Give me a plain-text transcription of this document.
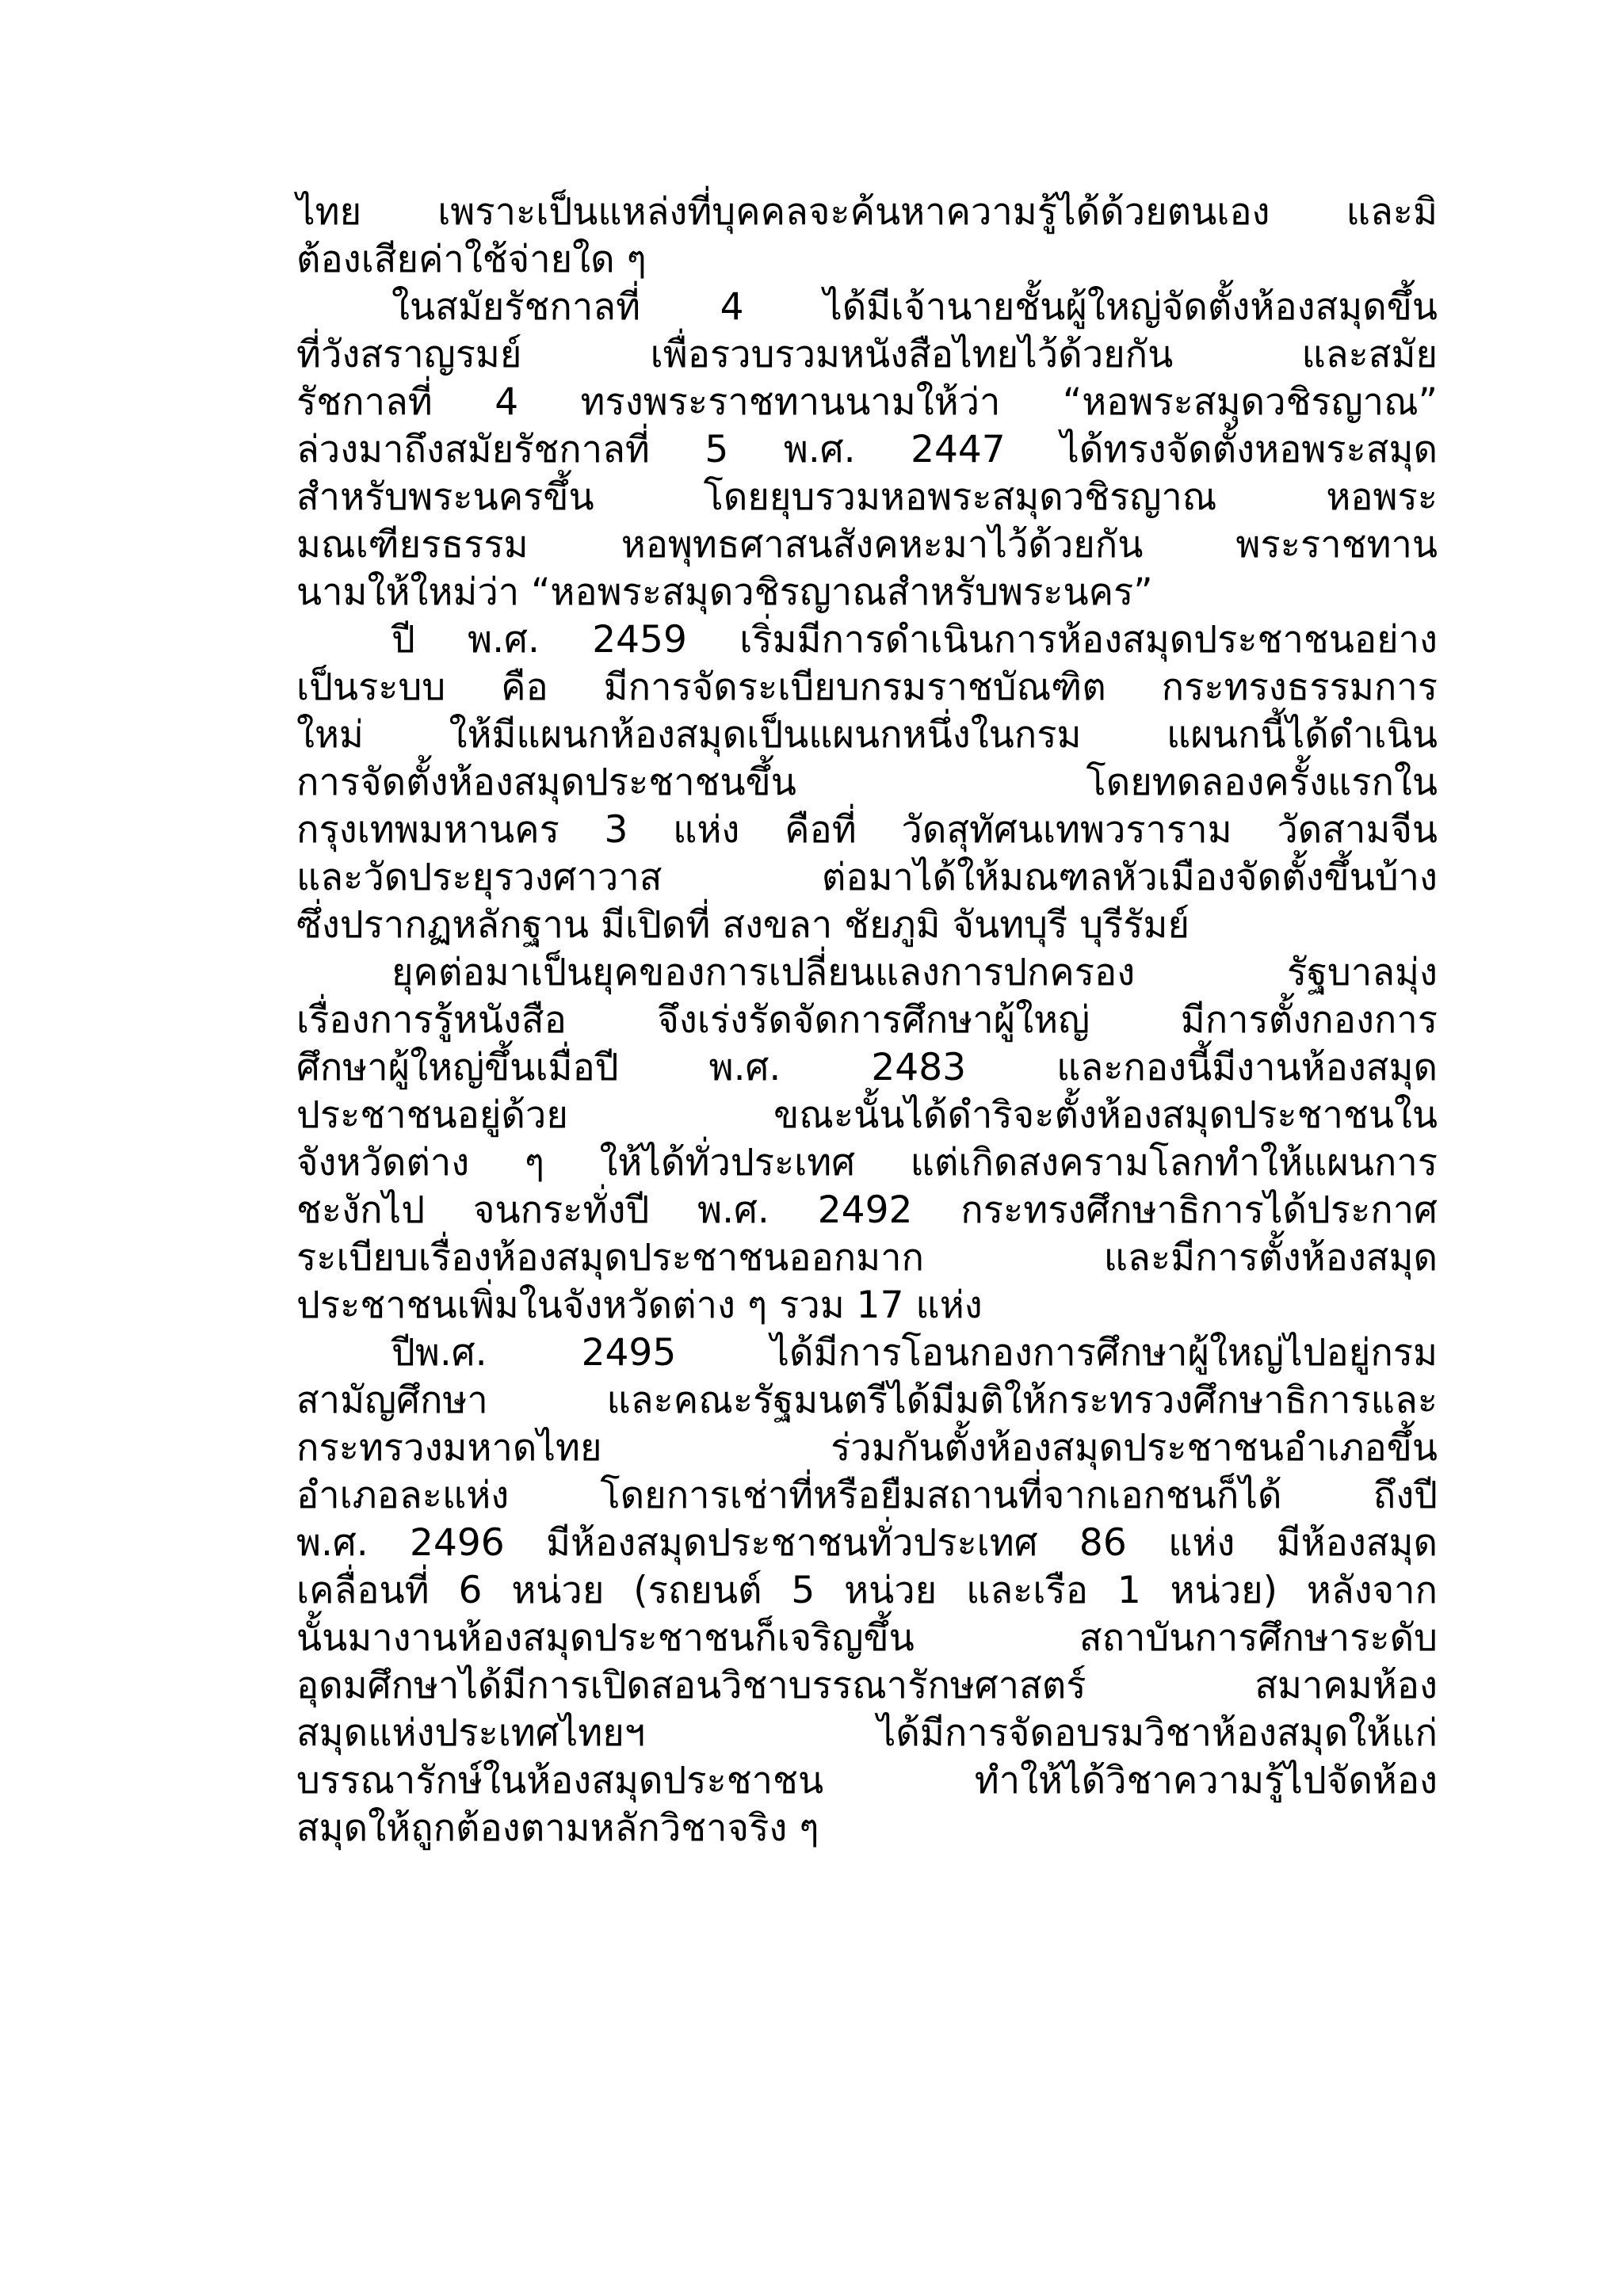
ไทย เพราะเป็นแหล่งที่บุคคลจะค้นหาความรู้ได้ด้วยตนเอง และมิ
ต้องเสียค่าใช้จ่ายใด ๆ
ในสมัยรัชกาลที่ 4 ได้มีเจ้านายชั้นผู้ใหญ่จัดตั้งห้องสมุดขึ้น
ที่วังสราญรมย์ เพื่อรวบรวมหนังสือไทยไว้ด้วยกัน และสมัย
รัชกาลที่ 4 ทรงพระราชทานนามให้ว่า “หอพระสมุดวชิรญาณ”
ล่วงมาถึงสมัยรัชกาลที่ 5 พ.ศ. 2447 ได้ทรงจัดตั้งหอพระสมุด
สำหรับพระนครขึ้น โดยยุบรวมหอพระสมุดวชิรญาณ หอพระ
มณเฑียรธรรม หอพุทธศาสนสังคหะมาไว้ด้วยกัน พระราชทาน
นามให้ใหม่ว่า “หอพระสมุดวชิรญาณสำหรับพระนคร”
ปี พ.ศ. 2459 เริ่มมีการดำเนินการห้องสมุดประชาชนอย่าง
เป็นระบบ คือ มีการจัดระเบียบกรมราชบัณฑิต กระทรงธรรมการ
ใหม่ ให้มีแผนกห้องสมุดเป็นแผนกหนึ่งในกรม แผนกนี้ได้ดำเนิน
การจัดตั้งห้องสมุดประชาชนขึ้น โดยทดลองครั้งแรกใน
กรุงเทพมหานคร 3 แห่ง คือที่ วัดสุทัศนเทพวราราม วัดสามจีน
และวัดประยุรวงศาวาส ต่อมาได้ให้มณฑลหัวเมืองจัดตั้งขึ้นบ้าง
ซึ่งปรากฏหลักฐาน มีเปิดที่ สงขลา ชัยภูมิ จันทบุรี บุรีรัมย์
ยุคต่อมาเป็นยุคของการเปลี่ยนแลงการปกครอง รัฐบาลมุ่ง
เรื่องการรู้หนังสือ จึงเร่งรัดจัดการศึกษาผู้ใหญ่ มีการตั้งกองการ
ศึกษาผู้ใหญ่ขึ้นเมื่อปี พ.ศ. 2483 และกองนี้มีงานห้องสมุด
ประชาชนอยู่ด้วย ขณะนั้นได้ดำริจะตั้งห้องสมุดประชาชนใน
จังหวัดต่าง ๆ ให้ได้ทั่วประเทศ แต่เกิดสงครามโลกทำให้แผนการ
ชะงักไป จนกระทั่งปี พ.ศ. 2492 กระทรงศึกษาธิการได้ประกาศ
ระเบียบเรื่องห้องสมุดประชาชนออกมาก และมีการตั้งห้องสมุด
ประชาชนเพิ่มในจังหวัดต่าง ๆ รวม 17 แห่ง
ปีพ.ศ. 2495 ได้มีการโอนกองการศึกษาผู้ใหญ่ไปอยู่กรม
สามัญศึกษา และคณะรัฐมนตรีได้มีมติให้กระทรวงศึกษาธิการและ
กระทรวงมหาดไทย ร่วมกันตั้งห้องสมุดประชาชนอำเภอขึ้น
อำเภอละแห่ง โดยการเช่าที่หรือยืมสถานที่จากเอกชนก็ได้ ถึงปี
พ.ศ. 2496 มีห้องสมุดประชาชนทั่วประเทศ 86 แห่ง มีห้องสมุด
เคลื่อนที่ 6 หน่วย (รถยนต์ 5 หน่วย และเรือ 1 หน่วย) หลังจาก
นั้นมางานห้องสมุดประชาชนก็เจริญขึ้น สถาบันการศึกษาระดับ
อุดมศึกษาได้มีการเปิดสอนวิชาบรรณารักษศาสตร์ สมาคมห้อง
สมุดแห่งประเทศไทยฯ ได้มีการจัดอบรมวิชาห้องสมุดให้แก่
บรรณารักษ์ในห้องสมุดประชาชน ทำให้ได้วิชาความรู้ไปจัดห้อง
สมุดให้ถูกต้องตามหลักวิชาจริง ๆ
